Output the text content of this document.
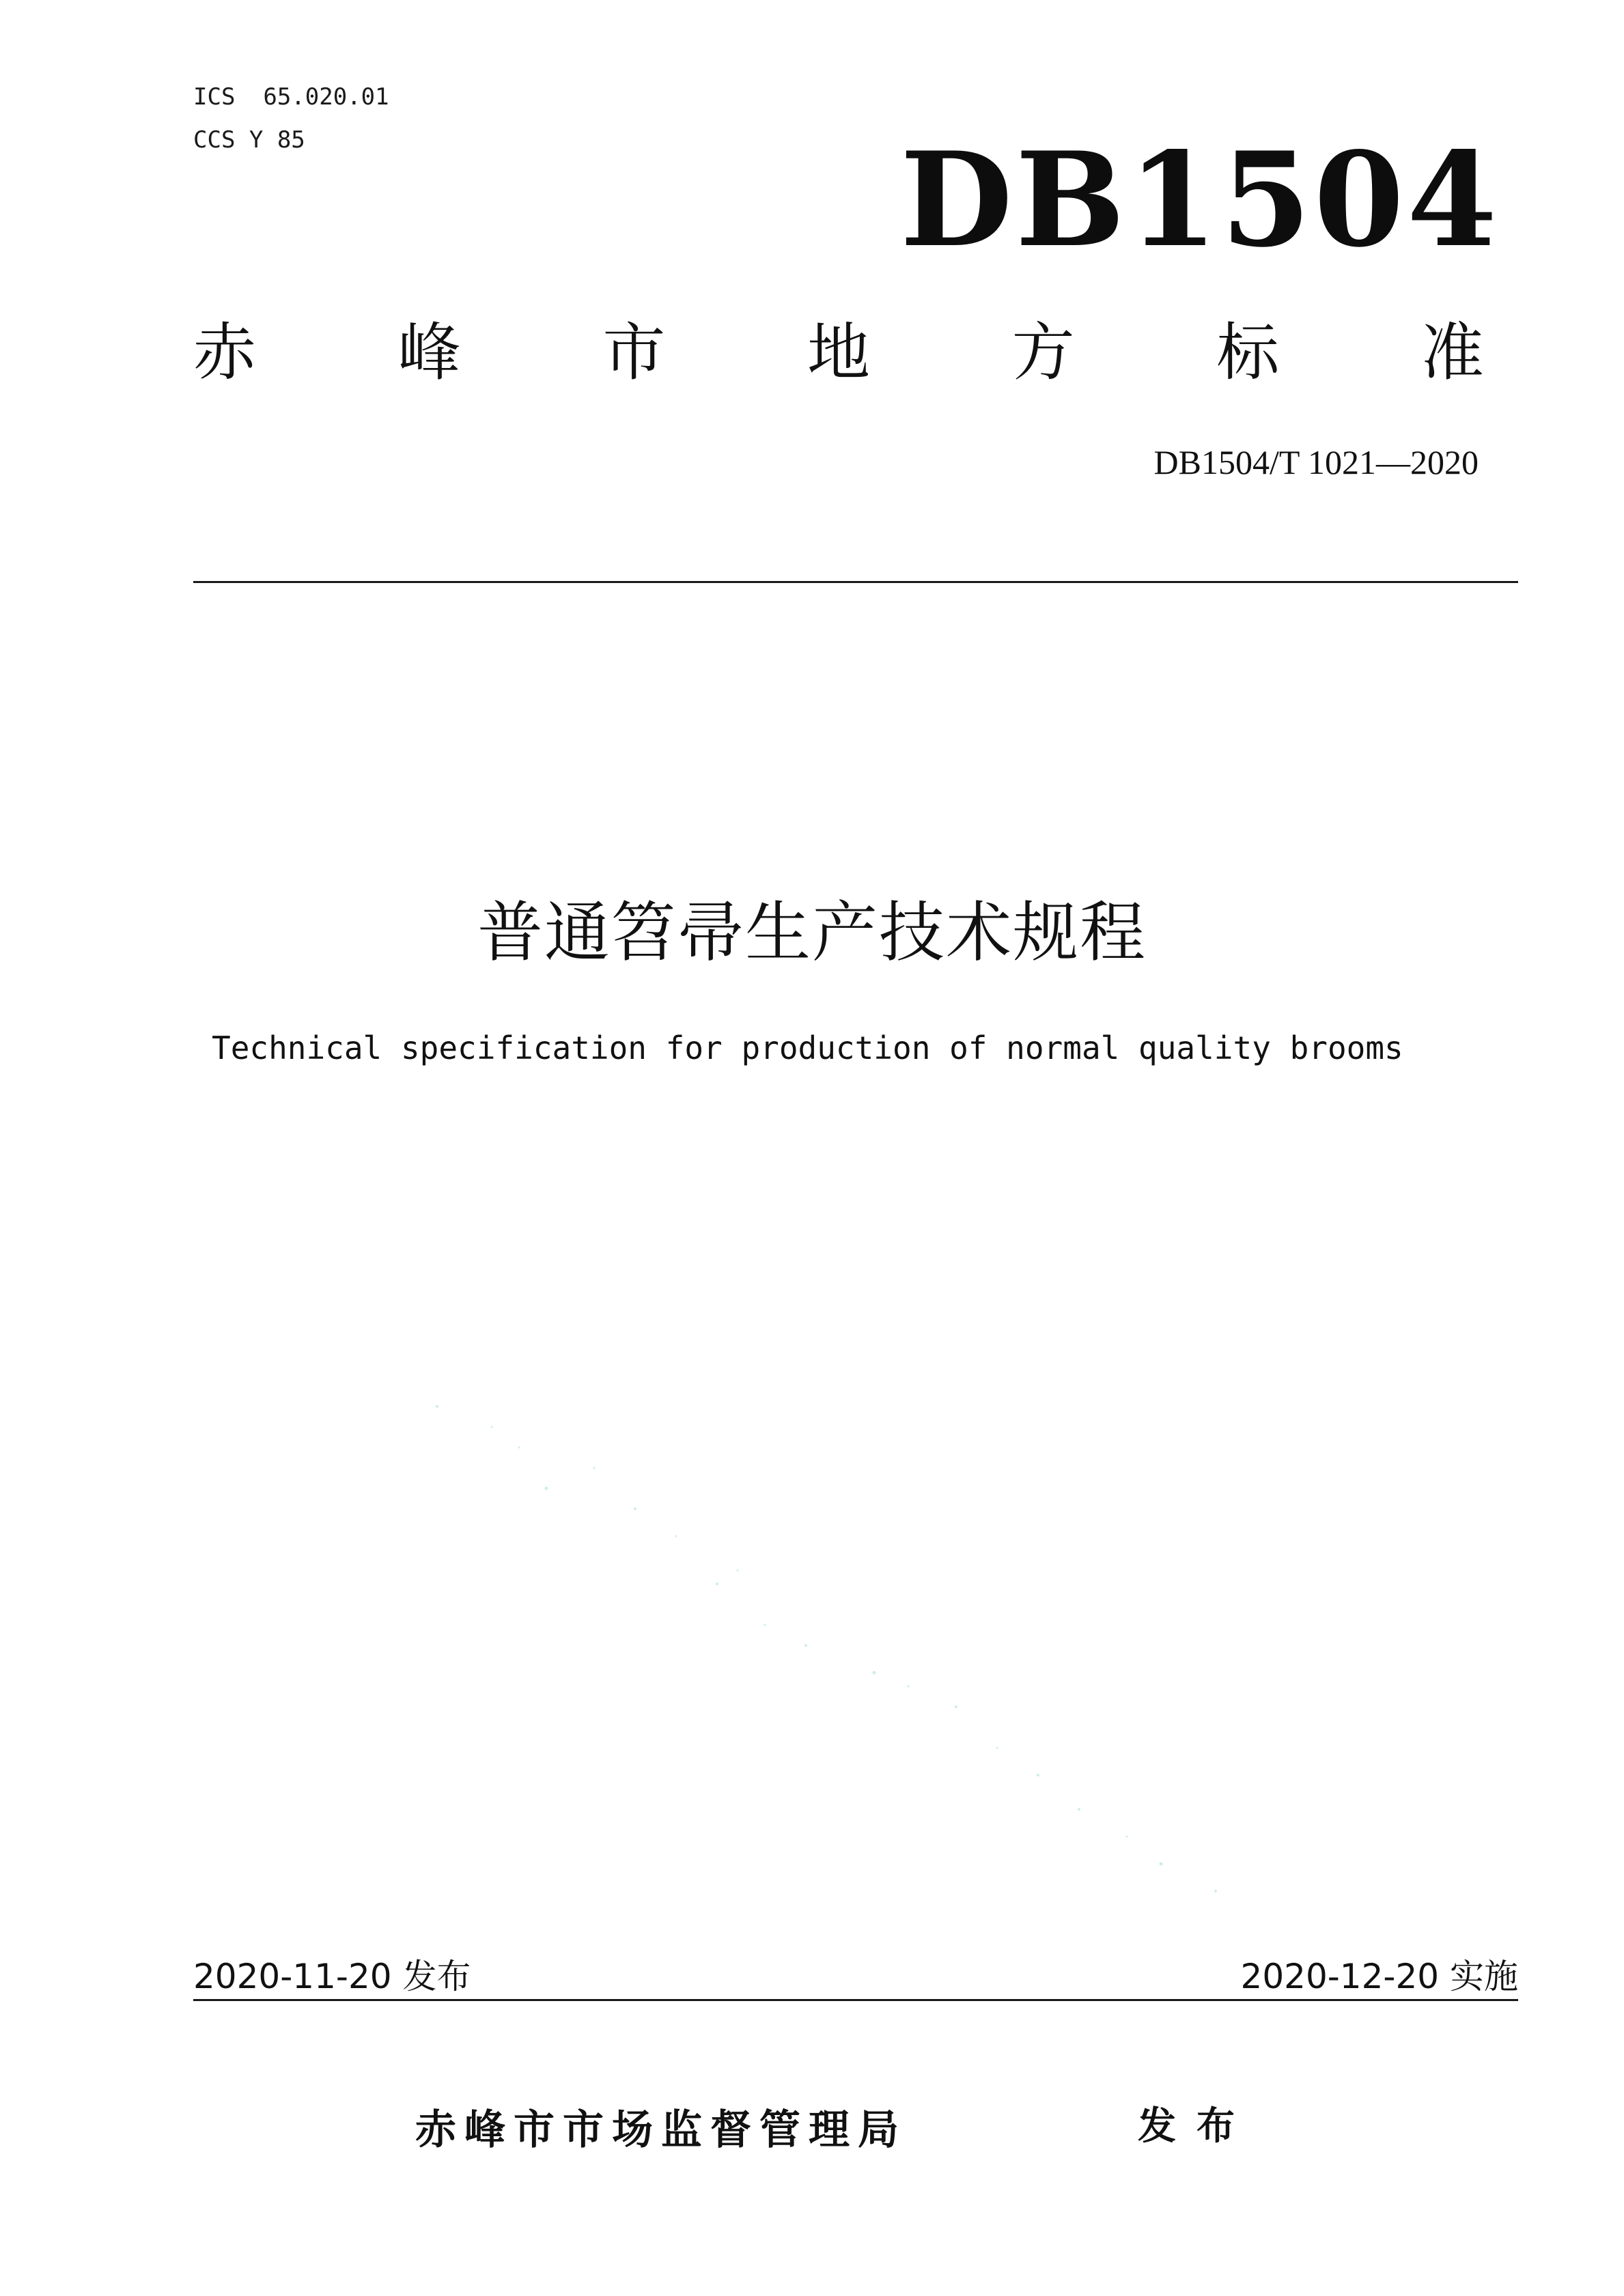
ICS  65.020.01
CCS Y 85	DB1504
赤 峰 市 地 方 标 准
DB1504/T 1021—2020
普通笤帚生产技术规程
Technical specification for production of normal quality brooms
2020-11-20 发布	2020-12-20 实施
赤峰市市场监督管理局	发布
